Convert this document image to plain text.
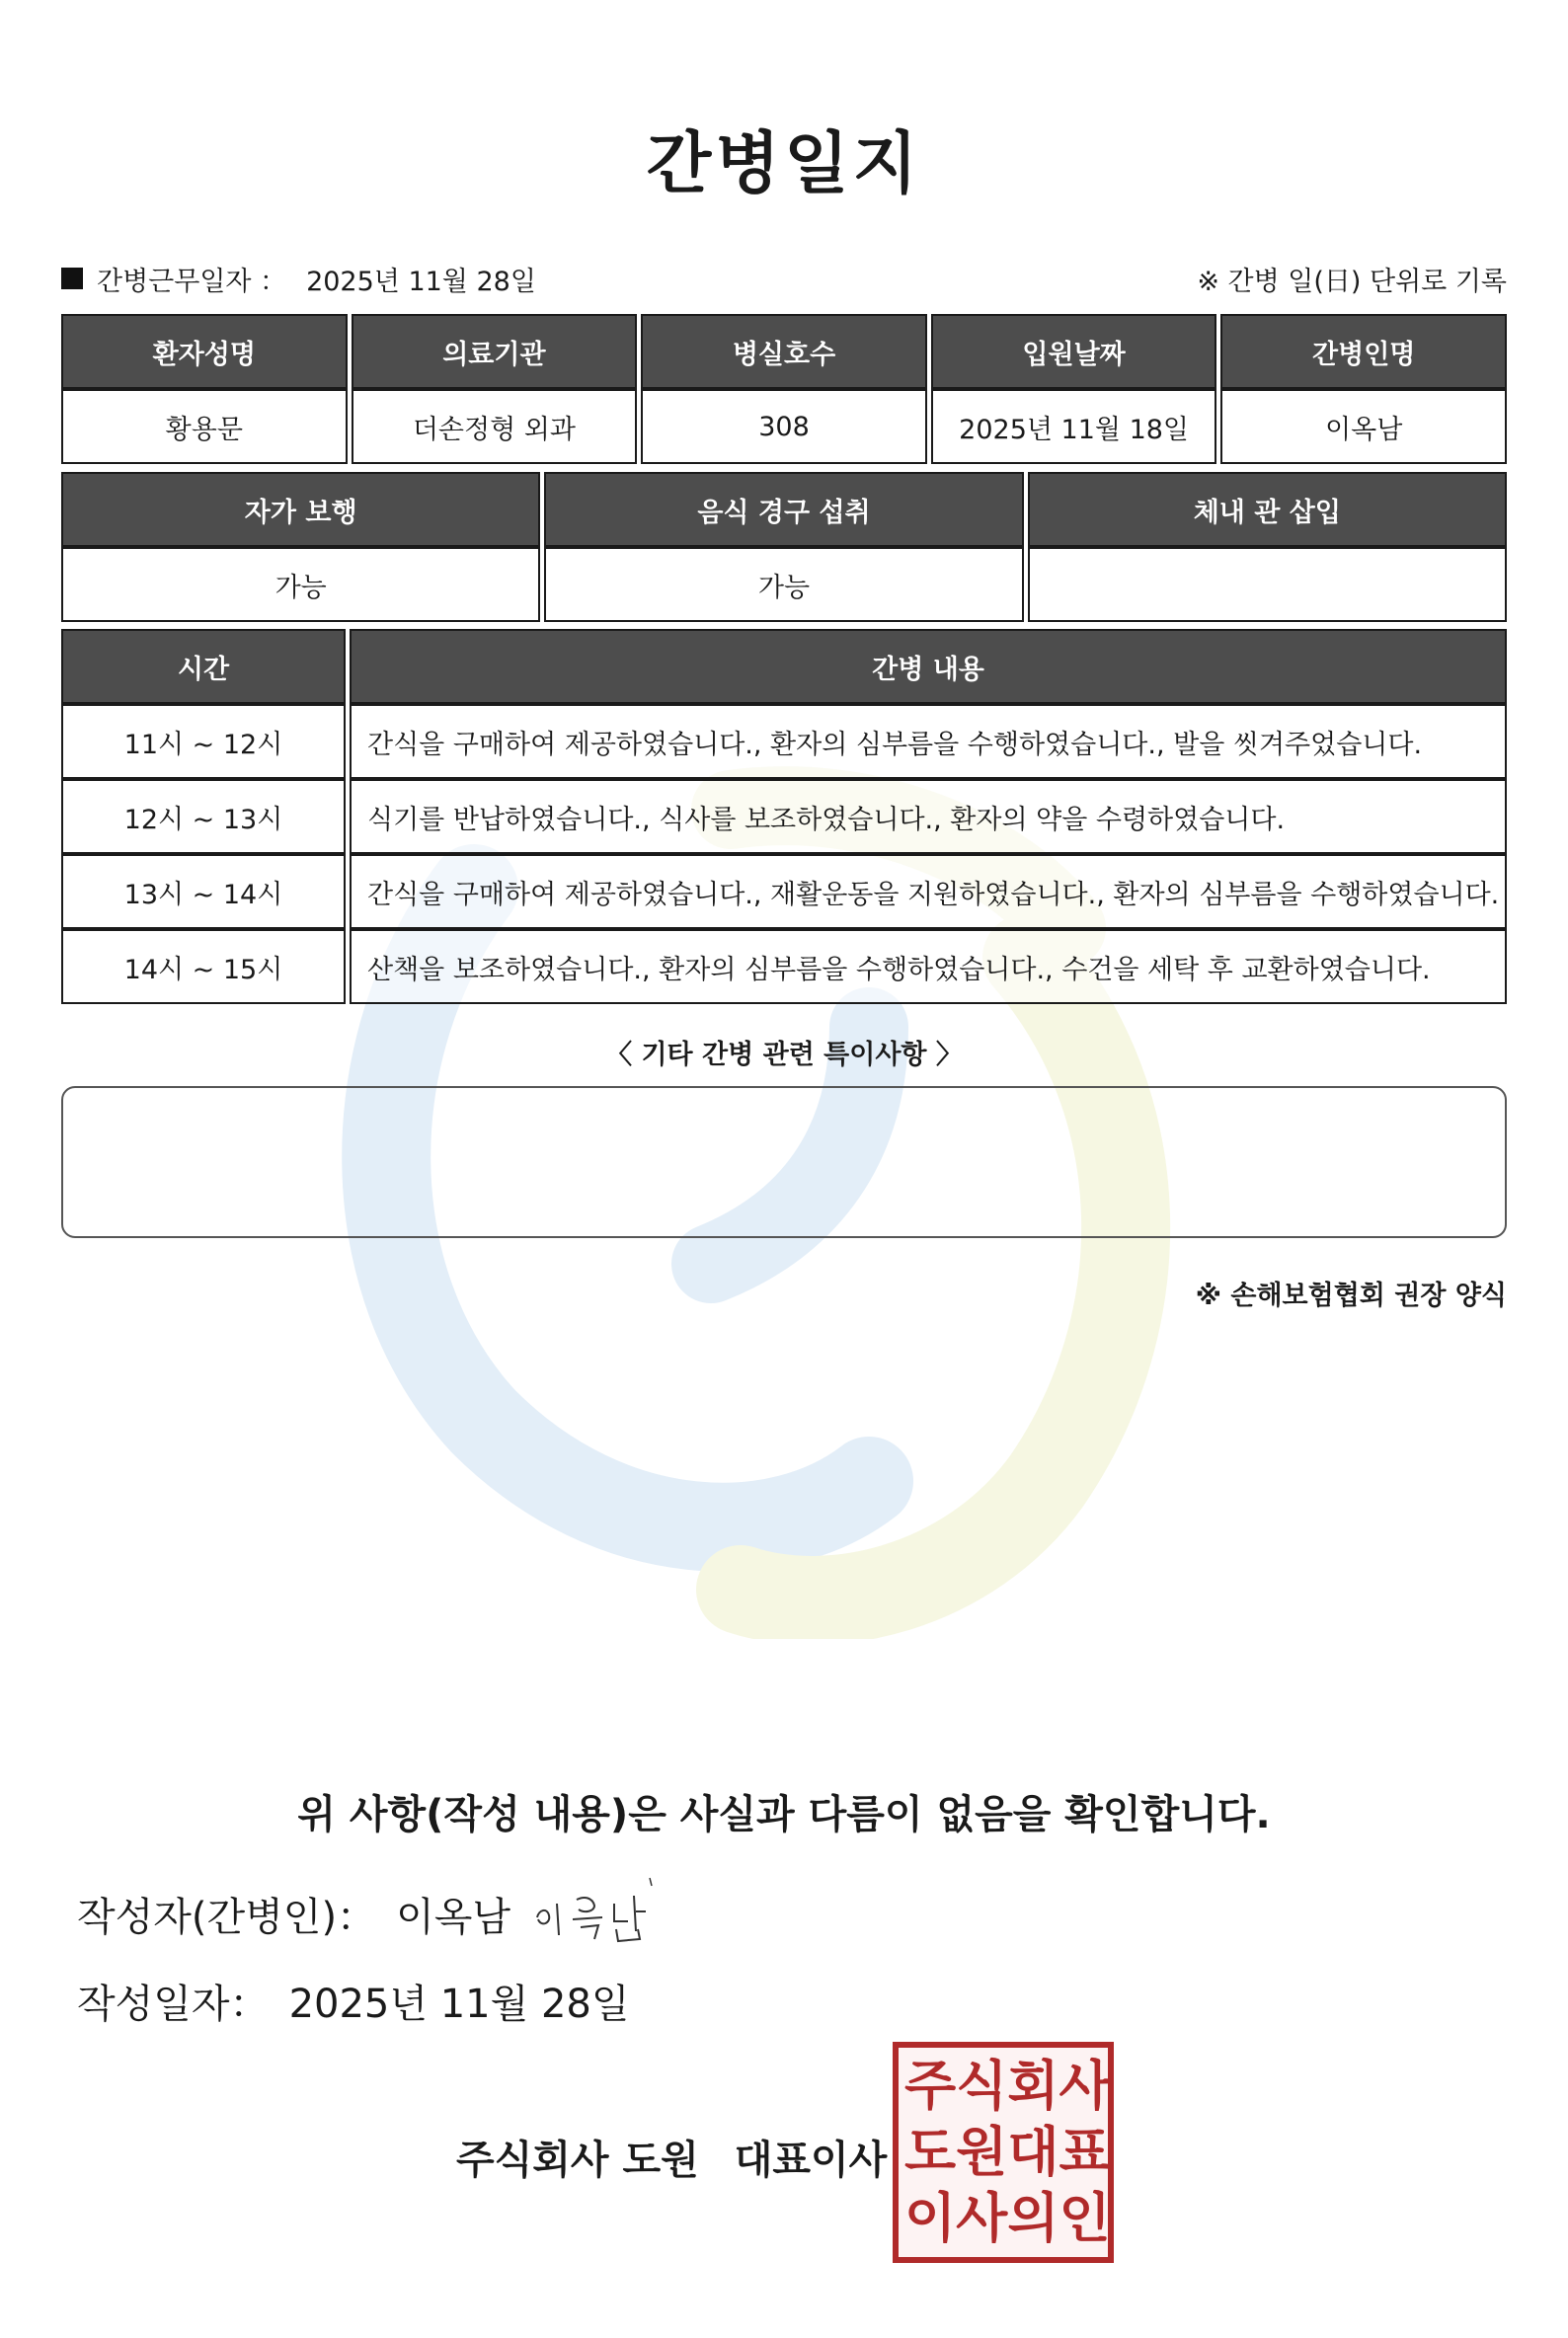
간병일지
간병근무일자 ： 2025년 11월 28일	※ 간병 일(日) 단위로 기록
환자성명	의료기관	병실호수	입원날짜	간병인명
황용문	더손정형 외과	308	2025년 11월 18일	이옥남
자가 보행	음식 경구 섭취	체내 관 삽입
가능	가능
시간	간병 내용
11시 ~ 12시	간식을 구매하여 제공하였습니다., 환자의 심부름을 수행하였습니다., 발을 씻겨주었습니다.
12시 ~ 13시	식기를 반납하였습니다., 식사를 보조하였습니다., 환자의 약을 수령하였습니다.
13시 ~ 14시	간식을 구매하여 제공하였습니다., 재활운동을 지원하였습니다., 환자의 심부름을 수행하였습니다.
14시 ~ 15시	산책을 보조하였습니다., 환자의 심부름을 수행하였습니다., 수건을 세탁 후 교환하였습니다.
〈 기타 간병 관련 특이사항 〉
※ 손해보험협회 권장 양식
위 사항(작성 내용)은 사실과 다름이 없음을 확인합니다.
작성자(간병인)： 이옥남
작성일자： 2025년 11월 28일
주식회사 도원 대표이사
주 식 회 사
도 원 대 표
이 사 의 인
